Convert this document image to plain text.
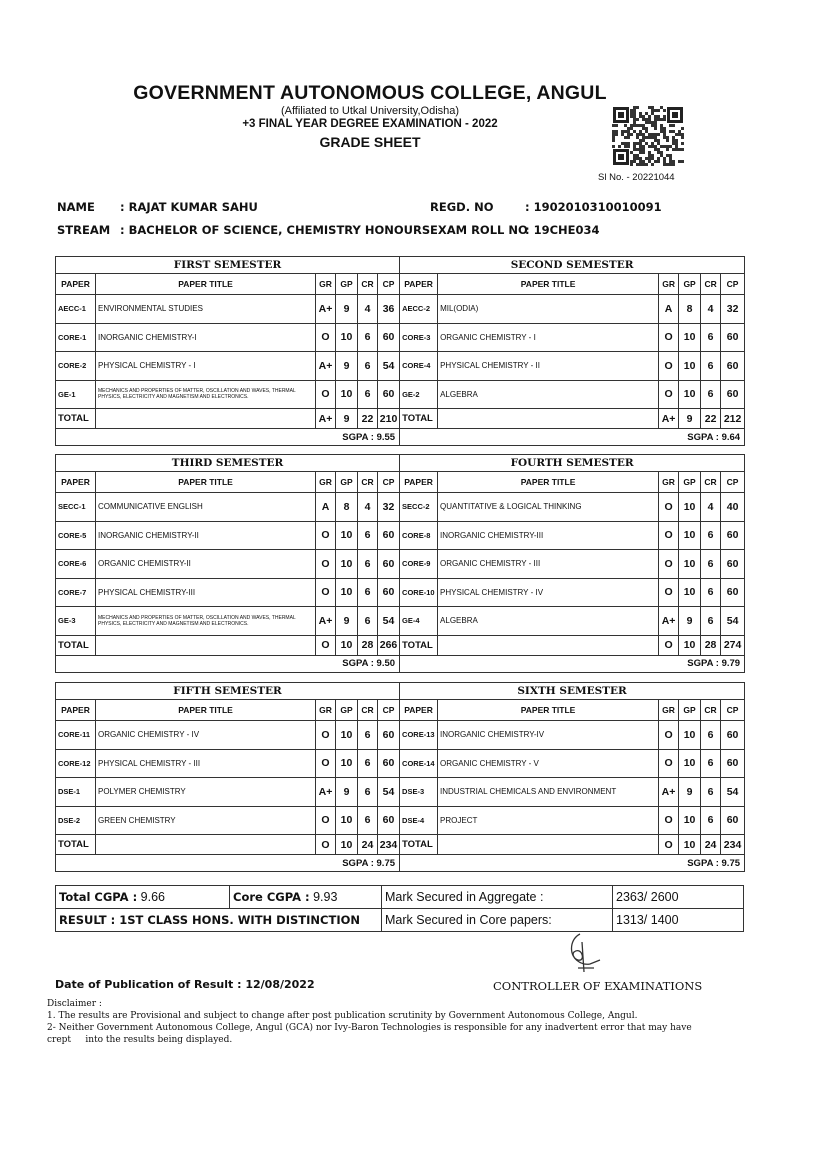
GOVERNMENT AUTONOMOUS COLLEGE, ANGUL
(Affiliated to Utkal University,Odisha)
+3 FINAL YEAR DEGREE EXAMINATION - 2022
GRADE SHEET
Sl No. - 20221044
NAME : RAJAT KUMAR SAHU
STREAM : BACHELOR OF SCIENCE, CHEMISTRY HONOURS
REGD. NO	: 1902010310010091
EXAM ROLL NO
: 19CHE034
FIRST SEMESTER						SECOND SEMESTER					
PAPER	PAPER TITLE	GR	GP	CR	CP	PAPER	PAPER TITLE	GR	GP	CR	CP
AECC-1	ENVIRONMENTAL STUDIES	A+	9	4	36	AECC-2	MIL(ODIA)	A	8	4	32
CORE-1	INORGANIC CHEMISTRY-I	O	10	6	60	CORE-3	ORGANIC CHEMISTRY - I	O	10	6	60
CORE-2	PHYSICAL CHEMISTRY - I	A+	9	6	54	CORE-4	PHYSICAL CHEMISTRY - II	O	10	6	60
GE-1	MECHANICS AND PROPERTIES OF MATTER, OSCILLATION AND WAVES, THERMAL PHYSICS, ELECTRICITY AND MAGNETISM AND ELECTRONICS.	O	10	6	60	GE-2	ALGEBRA	O	10	6	60
TOTAL		A+	9	22	210	TOTAL		A+	9	22	212
SGPA : 9.55						SGPA : 9.64					
THIRD SEMESTER						FOURTH SEMESTER					
PAPER	PAPER TITLE	GR	GP	CR	CP	PAPER	PAPER TITLE	GR	GP	CR	CP
SECC-1	COMMUNICATIVE ENGLISH	A	8	4	32	SECC-2	QUANTITATIVE & LOGICAL THINKING	O	10	4	40
CORE-5	INORGANIC CHEMISTRY-II	O	10	6	60	CORE-8	INORGANIC CHEMISTRY-III	O	10	6	60
CORE-6	ORGANIC CHEMISTRY-II	O	10	6	60	CORE-9	ORGANIC CHEMISTRY - III	O	10	6	60
CORE-7	PHYSICAL CHEMISTRY-III	O	10	6	60	CORE-10	PHYSICAL CHEMISTRY - IV	O	10	6	60
GE-3	MECHANICS AND PROPERTIES OF MATTER, OSCILLATION AND WAVES, THERMAL PHYSICS, ELECTRICITY AND MAGNETISM AND ELECTRONICS.	A+	9	6	54	GE-4	ALGEBRA	A+	9	6	54
TOTAL		O	10	28	266	TOTAL		O	10	28	274
SGPA : 9.50						SGPA : 9.79					
FIFTH SEMESTER						SIXTH SEMESTER					
PAPER	PAPER TITLE	GR	GP	CR	CP	PAPER	PAPER TITLE	GR	GP	CR	CP
CORE-11	ORGANIC CHEMISTRY - IV	O	10	6	60	CORE-13	INORGANIC CHEMISTRY-IV	O	10	6	60
CORE-12	PHYSICAL CHEMISTRY - III	O	10	6	60	CORE-14	ORGANIC CHEMISTRY - V	O	10	6	60
DSE-1	POLYMER CHEMISTRY	A+	9	6	54	DSE-3	INDUSTRIAL CHEMICALS AND ENVIRONMENT	A+	9	6	54
DSE-2	GREEN CHEMISTRY	O	10	6	60	DSE-4	PROJECT	O	10	6	60
TOTAL		O	10	24	234	TOTAL		O	10	24	234
SGPA : 9.75						SGPA : 9.75					
Total CGPA : 9.66	Core CGPA : 9.93	Mark Secured in Aggregate :	2363/ 2600
RESULT : 1ST CLASS HONS. WITH DISTINCTION		Mark Secured in Core papers:	1313/ 1400
Date of Publication of Result : 12/08/2022	CONTROLLER OF EXAMINATIONS
Disclaimer :
1. The results are Provisional and subject to change after post publication scrutinity by Government Autonomous College, Angul.
2- Neither Government Autonomous College, Angul (GCA) nor Ivy-Baron Technologies is responsible for any inadvertent error that may have
crept     into the results being displayed.
